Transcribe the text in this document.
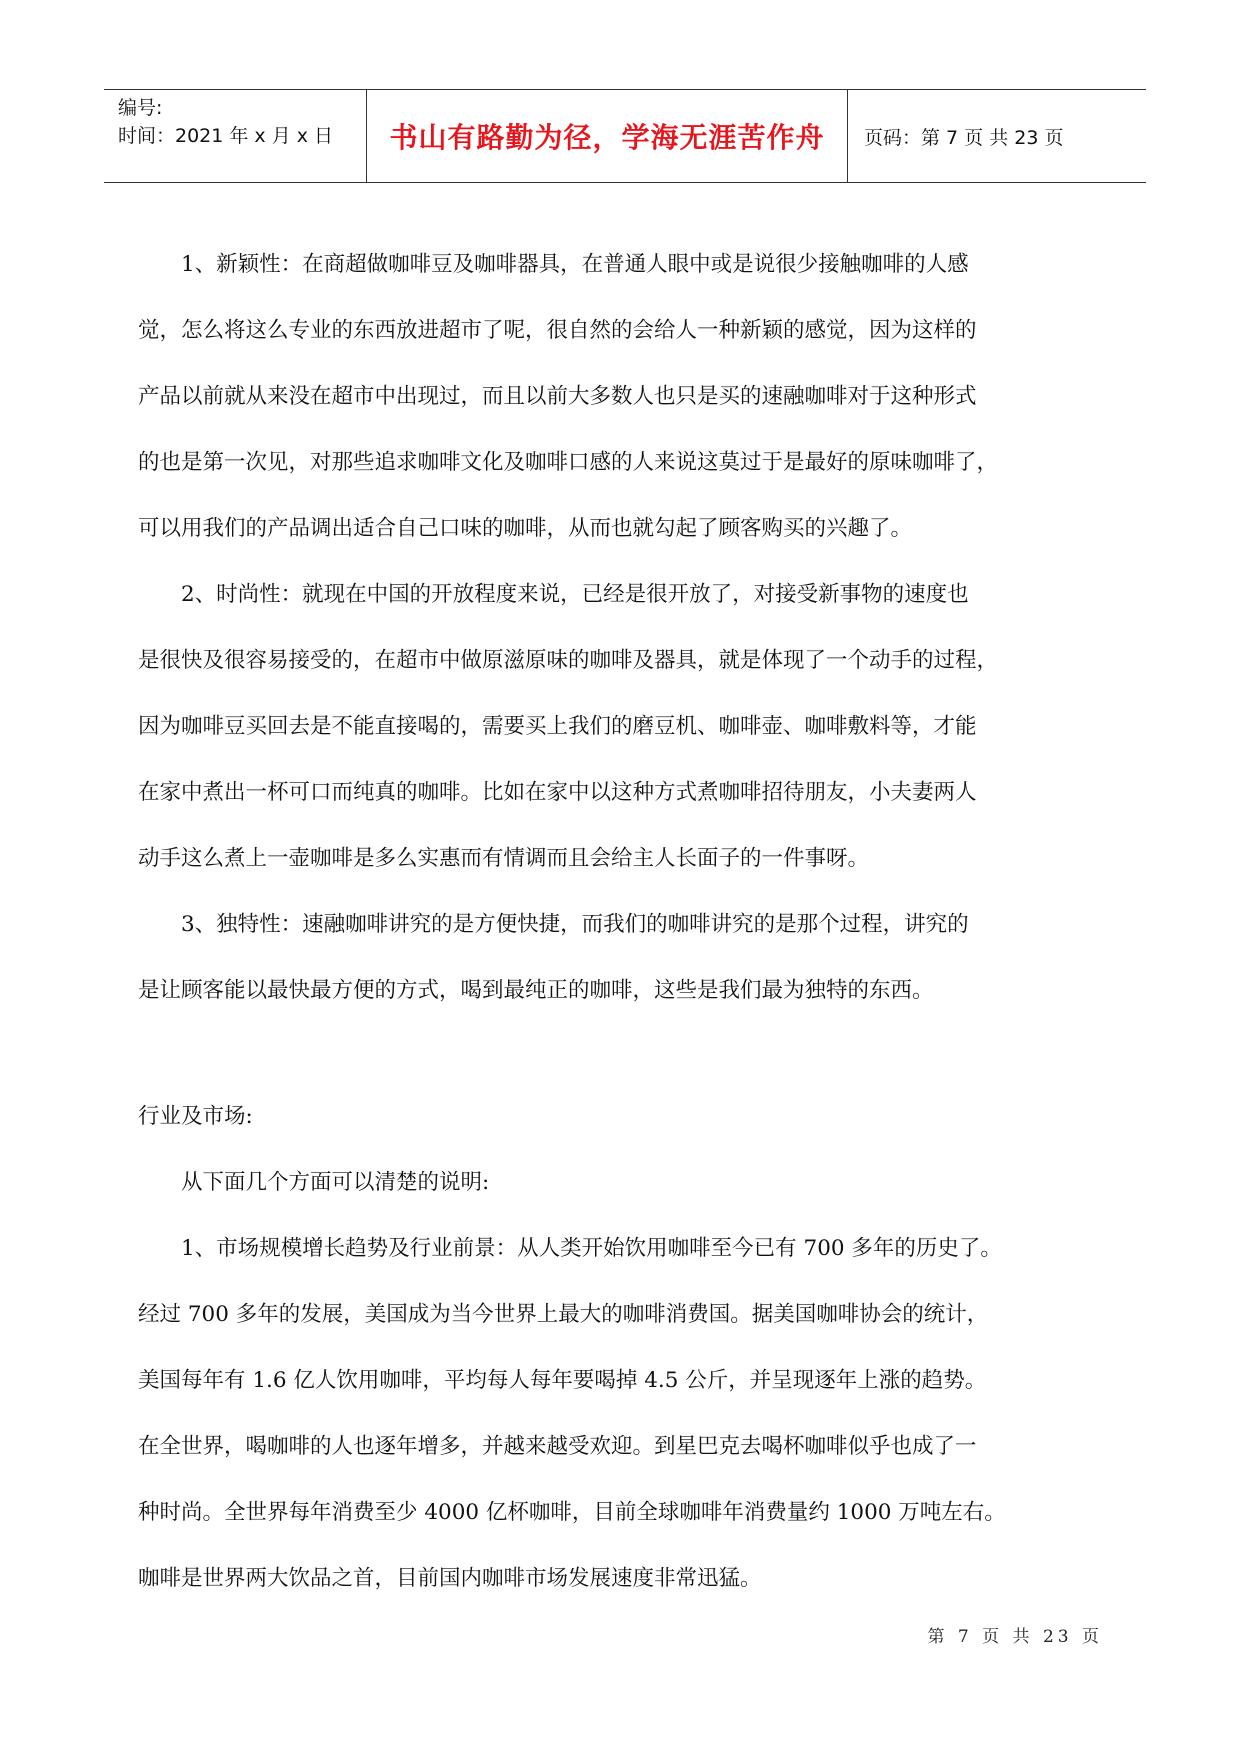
编号:
时间：2021 年 x 月 x 日	书山有路勤为径，学海无涯苦作舟	页码：第 7 页 共 23 页

1、新颖性：在商超做咖啡豆及咖啡器具，在普通人眼中或是说很少接触咖啡的人感

觉，怎么将这么专业的东西放进超市了呢，很自然的会给人一种新颖的感觉，因为这样的

产品以前就从来没在超市中出现过，而且以前大多数人也只是买的速融咖啡对于这种形式

的也是第一次见，对那些追求咖啡文化及咖啡口感的人来说这莫过于是最好的原味咖啡了，

可以用我们的产品调出适合自己口味的咖啡，从而也就勾起了顾客购买的兴趣了。

2、时尚性：就现在中国的开放程度来说，已经是很开放了，对接受新事物的速度也

是很快及很容易接受的，在超市中做原滋原味的咖啡及器具，就是体现了一个动手的过程，

因为咖啡豆买回去是不能直接喝的，需要买上我们的磨豆机、咖啡壶、咖啡敷料等，才能

在家中煮出一杯可口而纯真的咖啡。比如在家中以这种方式煮咖啡招待朋友，小夫妻两人

动手这么煮上一壶咖啡是多么实惠而有情调而且会给主人长面子的一件事呀。

3、独特性：速融咖啡讲究的是方便快捷，而我们的咖啡讲究的是那个过程，讲究的

是让顾客能以最快最方便的方式，喝到最纯正的咖啡，这些是我们最为独特的东西。

行业及市场:

从下面几个方面可以清楚的说明:

1、市场规模增长趋势及行业前景：从人类开始饮用咖啡至今已有 700 多年的历史了。

经过 700 多年的发展，美国成为当今世界上最大的咖啡消费国。据美国咖啡协会的统计，

美国每年有 1.6 亿人饮用咖啡，平均每人每年要喝掉 4.5 公斤，并呈现逐年上涨的趋势。

在全世界，喝咖啡的人也逐年增多，并越来越受欢迎。到星巴克去喝杯咖啡似乎也成了一

种时尚。全世界每年消费至少 4000 亿杯咖啡，目前全球咖啡年消费量约 1000 万吨左右。

咖啡是世界两大饮品之首，目前国内咖啡市场发展速度非常迅猛。

第 7 页 共 23 页
